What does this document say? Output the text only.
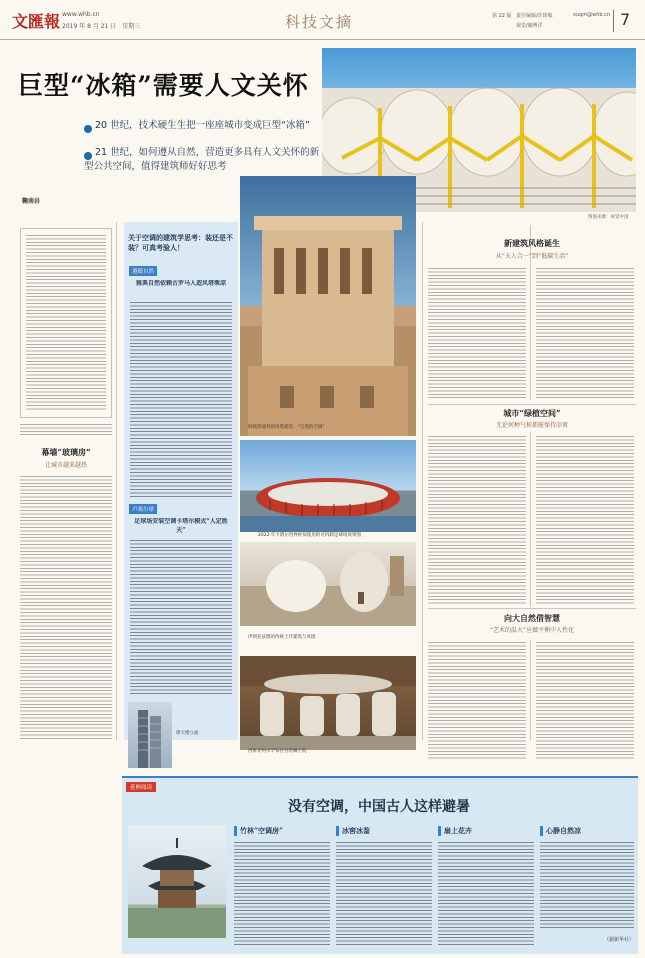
文匯報 www.whb.cn
2019 年 8 月 21 日　星期三	科技文摘	第 22 版 责任编辑/许琦敏
视觉/储博洋
xuqm@whb.cn 7
巨型“冰箱”需要人文关怀
20 世纪，技术硬生生把一座座城市变成巨型“冰箱”
21 世纪，如何遵从自然，营造更多具有人文关怀的新型公共空间，值得建筑师好好思考
鞠南岩
图图来源：视觉中国
幕墙“玻璃房”
让城市越来越热
关于空调的建筑学思考：装还是不装？可真考验人！
遵循自然
雅典自然依赖古罗马人造风塔乘凉
卢塞尔球
足球场安装空调卡塔尔模式“人定胜天”
摩天楼立面
阿联酋迪拜的风塔建筑：“自然的空调”
2022 年卡塔尔世界杯拟使用的可拆卸足球场效果图
伊朗亚兹德的传统土坯建筑与风塔
西班牙阿尔罕布拉宫的狮子院
新建筑风格诞生
从“天人合一”到“低碳生活”
城市“绿植空间”
无论何种气候都能保持凉爽
向大自然借智慧
“艺术的温火”应做平衡中人性化
延伸阅读
没有空调，中国古人这样避暑
竹林“空调房”	冰窖冰鉴	扇上花卉	心静自然凉
（据新华社）
